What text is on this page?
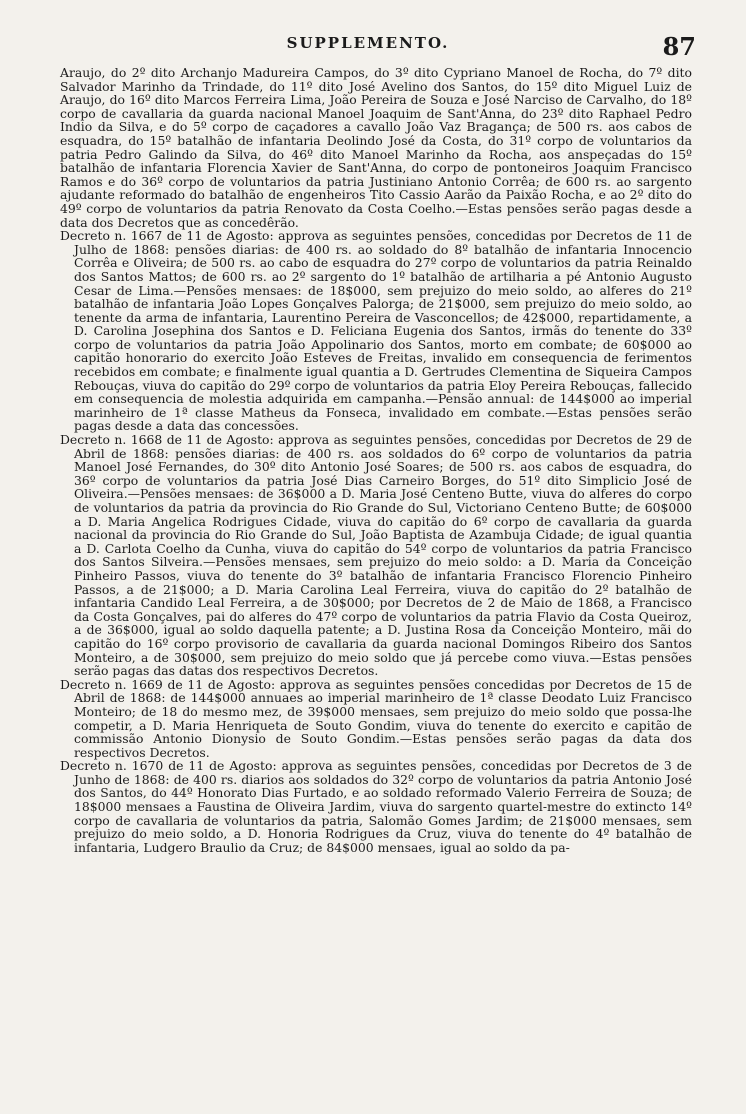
SUPPLEMENTO.	87

Araujo, do 2º dito Archanjo Madureira Campos, do 3º dito Cypriano Manoel de Rocha, do 7º dito Salvador Marinho da Trindade, do 11º dito José Avelino dos Santos, do 15º dito Miguel Luiz de Araujo, do 16º dito Marcos Ferreira Lima, João Pereira de Souza e José Narciso de Carvalho, do 18º corpo de cavallaria da guarda nacional Manoel Joaquim de Sant'Anna, do 23º dito Raphael Pedro Indio da Silva, e do 5º corpo de caçadores a cavallo João Vaz Bragança; de 500 rs. aos cabos de esquadra, do 15º batalhão de infantaria Deolindo José da Costa, do 31º corpo de voluntarios da patria Pedro Galindo da Silva, do 46º dito Manoel Marinho da Rocha, aos anspeçadas do 15º batalhão de infantaria Florencia Xavier de Sant'Anna, do corpo de pontoneiros Joaquim Francisco Ramos e do 36º corpo de voluntarios da patria Justiniano Antonio Corrêa; de 600 rs. ao sargento ajudante reformado do batalhão de engenheiros Tito Cassio Aarão da Paixão Rocha, e ao 2º dito do 49º corpo de voluntarios da patria Renovato da Costa Coelho.—Estas pensões serão pagas desde a data dos Decretos que as concedêrão.

Decreto n. 1667 de 11 de Agosto: approva as seguintes pensões, concedidas por Decretos de 11 de Julho de 1868: pensões diarias: de 400 rs. ao soldado do 8º batalhão de infantaria Innocencio Corrêa e Oliveira; de 500 rs. ao cabo de esquadra do 27º corpo de voluntarios da patria Reinaldo dos Santos Mattos; de 600 rs. ao 2º sargento do 1º batalhão de artilharia a pé Antonio Augusto Cesar de Lima.—Pensões mensaes: de 18$000, sem prejuizo do meio soldo, ao alferes do 21º batalhão de infantaria João Lopes Gonçalves Palorga; de 21$000, sem prejuizo do meio soldo, ao tenente da arma de infantaria, Laurentino Pereira de Vasconcellos; de 42$000, repartidamente, a D. Carolina Josephina dos Santos e D. Feliciana Eugenia dos Santos, irmãs do tenente do 33º corpo de voluntarios da patria João Appolinario dos Santos, morto em combate; de 60$000 ao capitão honorario do exercito João Esteves de Freitas, invalido em consequencia de ferimentos recebidos em combate; e finalmente igual quantia a D. Gertrudes Clementina de Siqueira Campos Rebouças, viuva do capitão do 29º corpo de voluntarios da patria Eloy Pereira Rebouças, fallecido em consequencia de molestia adquirida em campanha.—Pensão annual: de 144$000 ao imperial marinheiro de 1ª classe Matheus da Fonseca, invalidado em combate.—Estas pensões serão pagas desde a data das concessões.

Decreto n. 1668 de 11 de Agosto: approva as seguintes pensões, concedidas por Decretos de 29 de Abril de 1868: pensões diarias: de 400 rs. aos soldados do 6º corpo de voluntarios da patria Manoel José Fernandes, do 30º dito Antonio José Soares; de 500 rs. aos cabos de esquadra, do 36º corpo de voluntarios da patria José Dias Carneiro Borges, do 51º dito Simplicio José de Oliveira.—Pensões mensaes: de 36$000 a D. Maria José Centeno Butte, viuva do alferes do corpo de voluntarios da patria da provincia do Rio Grande do Sul, Victoriano Centeno Butte; de 60$000 a D. Maria Angelica Rodrigues Cidade, viuva do capitão do 6º corpo de cavallaria da guarda nacional da provincia do Rio Grande do Sul, João Baptista de Azambuja Cidade; de igual quantia a D. Carlota Coelho da Cunha, viuva do capitão do 54º corpo de voluntarios da patria Francisco dos Santos Silveira.—Pensões mensaes, sem prejuizo do meio soldo: a D. Maria da Conceição Pinheiro Passos, viuva do tenente do 3º batalhão de infantaria Francisco Florencio Pinheiro Passos, a de 21$000; a D. Maria Carolina Leal Ferreira, viuva do capitão do 2º batalhão de infantaria Candido Leal Ferreira, a de 30$000; por Decretos de 2 de Maio de 1868, a Francisco da Costa Gonçalves, pai do alferes do 47º corpo de voluntarios da patria Flavio da Costa Queiroz, a de 36$000, igual ao soldo daquella patente; a D. Justina Rosa da Conceição Monteiro, mãi do capitão do 16º corpo provisorio de cavallaria da guarda nacional Domingos Ribeiro dos Santos Monteiro, a de 30$000, sem prejuizo do meio soldo que já percebe como viuva.—Estas pensões serão pagas das datas dos respectivos Decretos.

Decreto n. 1669 de 11 de Agosto: approva as seguintes pensões concedidas por Decretos de 15 de Abril de 1868: de 144$000 annuaes ao imperial marinheiro de 1ª classe Deodato Luiz Francisco Monteiro; de 18 do mesmo mez, de 39$000 mensaes, sem prejuizo do meio soldo que possa-lhe competir, a D. Maria Henriqueta de Souto Gondim, viuva do tenente do exercito e capitão de commissão Antonio Dionysio de Souto Gondim.—Estas pensões serão pagas da data dos respectivos Decretos.

Decreto n. 1670 de 11 de Agosto: approva as seguintes pensões, concedidas por Decretos de 3 de Junho de 1868: de 400 rs. diarios aos soldados do 32º corpo de voluntarios da patria Antonio José dos Santos, do 44º Honorato Dias Furtado, e ao soldado reformado Valerio Ferreira de Souza; de 18$000 mensaes a Faustina de Oliveira Jardim, viuva do sargento quartel-mestre do extincto 14º corpo de cavallaria de voluntarios da patria, Salomão Gomes Jardim; de 21$000 mensaes, sem prejuizo do meio soldo, a D. Honoria Rodrigues da Cruz, viuva do tenente do 4º batalhão de infantaria, Ludgero Braulio da Cruz; de 84$000 mensaes, igual ao soldo da pa-
